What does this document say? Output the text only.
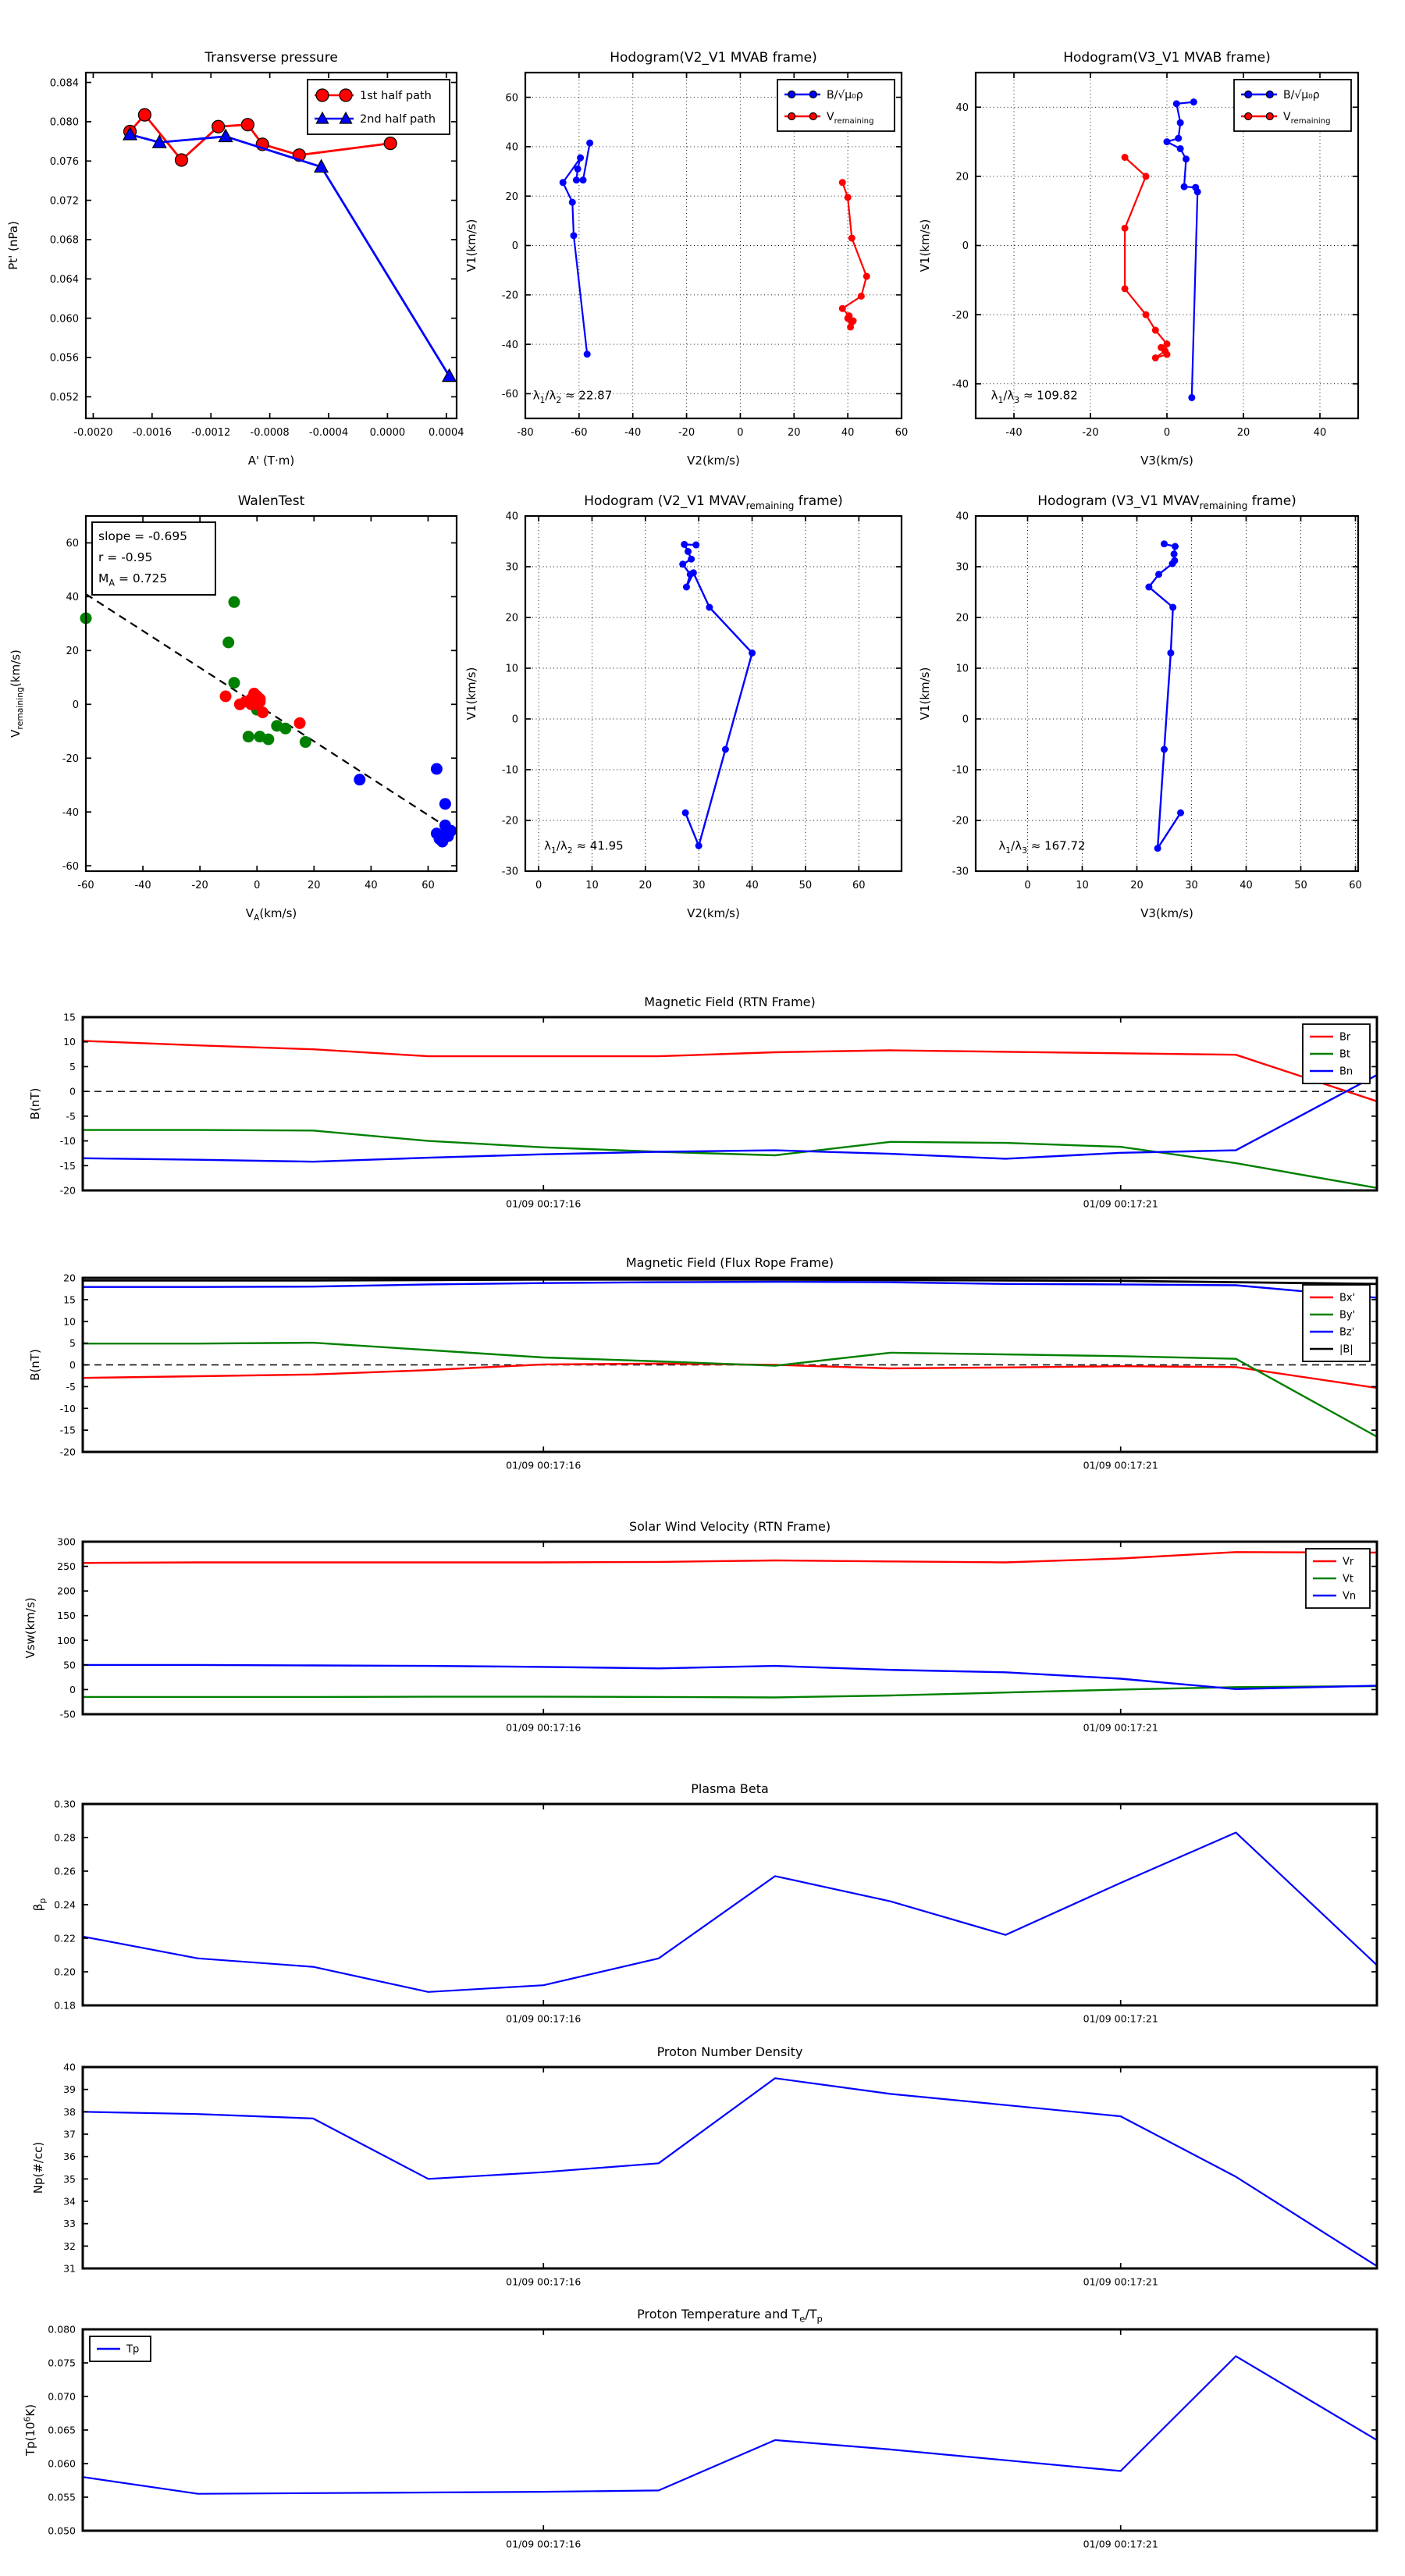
-0.0020 -0.0016 -0.0012 -0.0008 -0.0004 0.0000 0.0004
0.052
0.056
0.060
0.064
0.068
0.072
0.076
0.080
0.084
Transverse pressure
A' (T·m)
Pt' (nPa)
1st half path
2nd half path
-80	-60	-40	-20	0	20	40	60
-60
-40
-20
0
20
40
60
Hodogram(V2_V1 MVAB frame)
V2(km/s)
V1(km/s)
$\lambda_1/\lambda_2 \approx 22.87$
B/√μ₀ρ
$V_{remaining}$
-40	-20	0	20	40
-40
-20
0
20
40
Hodogram(V3_V1 MVAB frame)
V3(km/s)
V1(km/s)
$\lambda_1/\lambda_3 \approx 109.82$
B/√μ₀ρ
$V_{remaining}$
-60	-40	-20	0	20	40	60
-60
-40
-20
0
20
40
60
WalenTest
$V_A(km/s)$
$V_{remaining}(km/s)$
slope = -0.695
r = -0.95
$M_A = 0.725$
0	10	20	30	40	50	60
-30
-20
-10
0
10
20
30
40
Hodogram (V2_V1 $MVAV_{remaining}$ frame)
V2(km/s)
V1(km/s)
$\lambda_1/\lambda_2 \approx 41.95$
0	10	20	30	40	50	60
-30
-20
-10
0
10
20
30
40
Hodogram (V3_V1 $MVAV_{remaining}$ frame)
V3(km/s)
V1(km/s)
$\lambda_1/\lambda_3 \approx 167.72$
01/09 00:17:16	01/09 00:17:21
-20
-15
-10
-5
0
5
10
15
Magnetic Field (RTN Frame)
B(nT)
Br
Bt
Bn
01/09 00:17:16	01/09 00:17:21
-20
-15
-10
-5
0
5
10
15
20
Magnetic Field (Flux Rope Frame)
B(nT)
Bx'
By'
Bz'
|B|
01/09 00:17:16	01/09 00:17:21
-50
0
50
100
150
200
250
300
Solar Wind Velocity (RTN Frame)
Vsw(km/s)
Vr
Vt
Vn
01/09 00:17:16	01/09 00:17:21
0.18
0.20
0.22
0.24
0.26
0.28
0.30
Plasma Beta
$\beta_p$
01/09 00:17:16	01/09 00:17:21
31
32
33
34
35
36
37
38
39
40
Proton Number Density
Np(#/cc)
01/09 00:17:16	01/09 00:17:21
0.050
0.055
0.060
0.065
0.070
0.075
0.080
Proton Temperature and $T_e/T_p$
$Tp(10^6K)$
Tp
